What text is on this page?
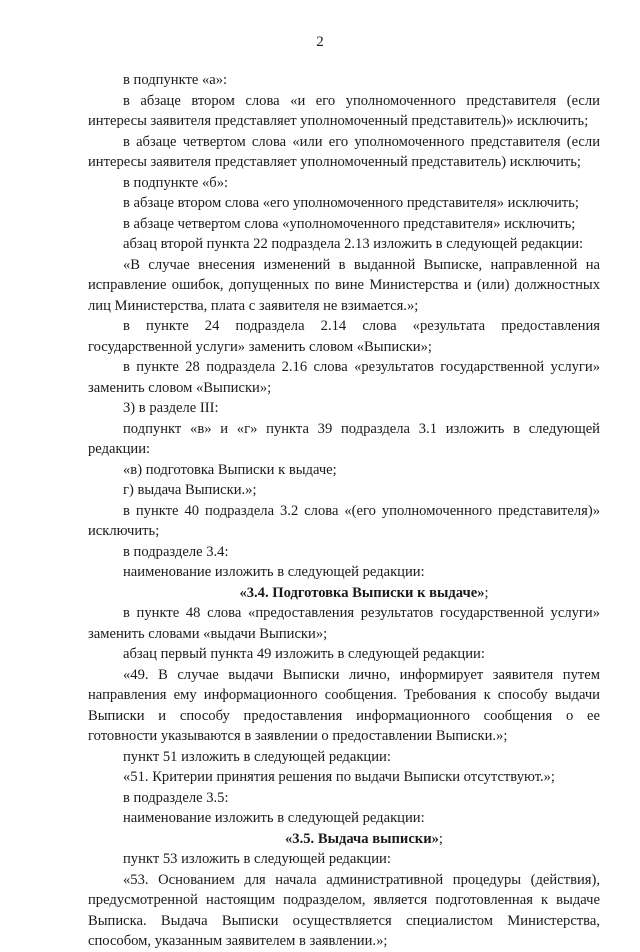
2

в подпункте «а»:

в абзаце втором слова «и его уполномоченного представителя (если интересы заявителя представляет уполномоченный представитель)» исключить;

в абзаце четвертом слова «или его уполномоченного представителя (если интересы заявителя представляет уполномоченный представитель) исключить;

в подпункте «б»:

в абзаце втором слова «его уполномоченного представителя» исключить;

в абзаце четвертом слова «уполномоченного представителя» исключить;

абзац второй пункта 22 подраздела 2.13 изложить в следующей редакции:

«В случае внесения изменений в выданной Выписке, направленной на исправление ошибок, допущенных по вине Министерства и (или) должностных лиц Министерства, плата с заявителя не взимается.»;

в пункте 24 подраздела 2.14 слова «результата предоставления государственной услуги» заменить словом «Выписки»;

в пункте 28 подраздела 2.16 слова «результатов государственной услуги» заменить словом «Выписки»;

3) в разделе III:

подпункт «в» и «г» пункта 39 подраздела 3.1 изложить в следующей редакции:

«в) подготовка Выписки к выдаче;

г) выдача Выписки.»;

в пункте 40 подраздела 3.2 слова «(его уполномоченного представителя)» исключить;

в подразделе 3.4:

наименование изложить в следующей редакции:

«3.4. Подготовка Выписки к выдаче»;

в пункте 48 слова «предоставления результатов государственной услуги» заменить словами «выдачи Выписки»;

абзац первый пункта 49 изложить в следующей редакции:

«49. В случае выдачи Выписки лично, информирует заявителя путем направления ему информационного сообщения. Требования к способу выдачи Выписки и способу предоставления информационного сообщения о ее готовности указываются в заявлении о предоставлении Выписки.»;

пункт 51 изложить в следующей редакции:

«51. Критерии принятия решения по выдачи Выписки отсутствуют.»;

в подразделе 3.5:

наименование изложить в следующей редакции:

«3.5. Выдача выписки»;

пункт 53 изложить в следующей редакции:

«53. Основанием для начала административной процедуры (действия), предусмотренной настоящим подразделом, является подготовленная к выдаче Выписка. Выдача Выписки осуществляется специалистом Министерства, способом, указанным заявителем в заявлении.»;
